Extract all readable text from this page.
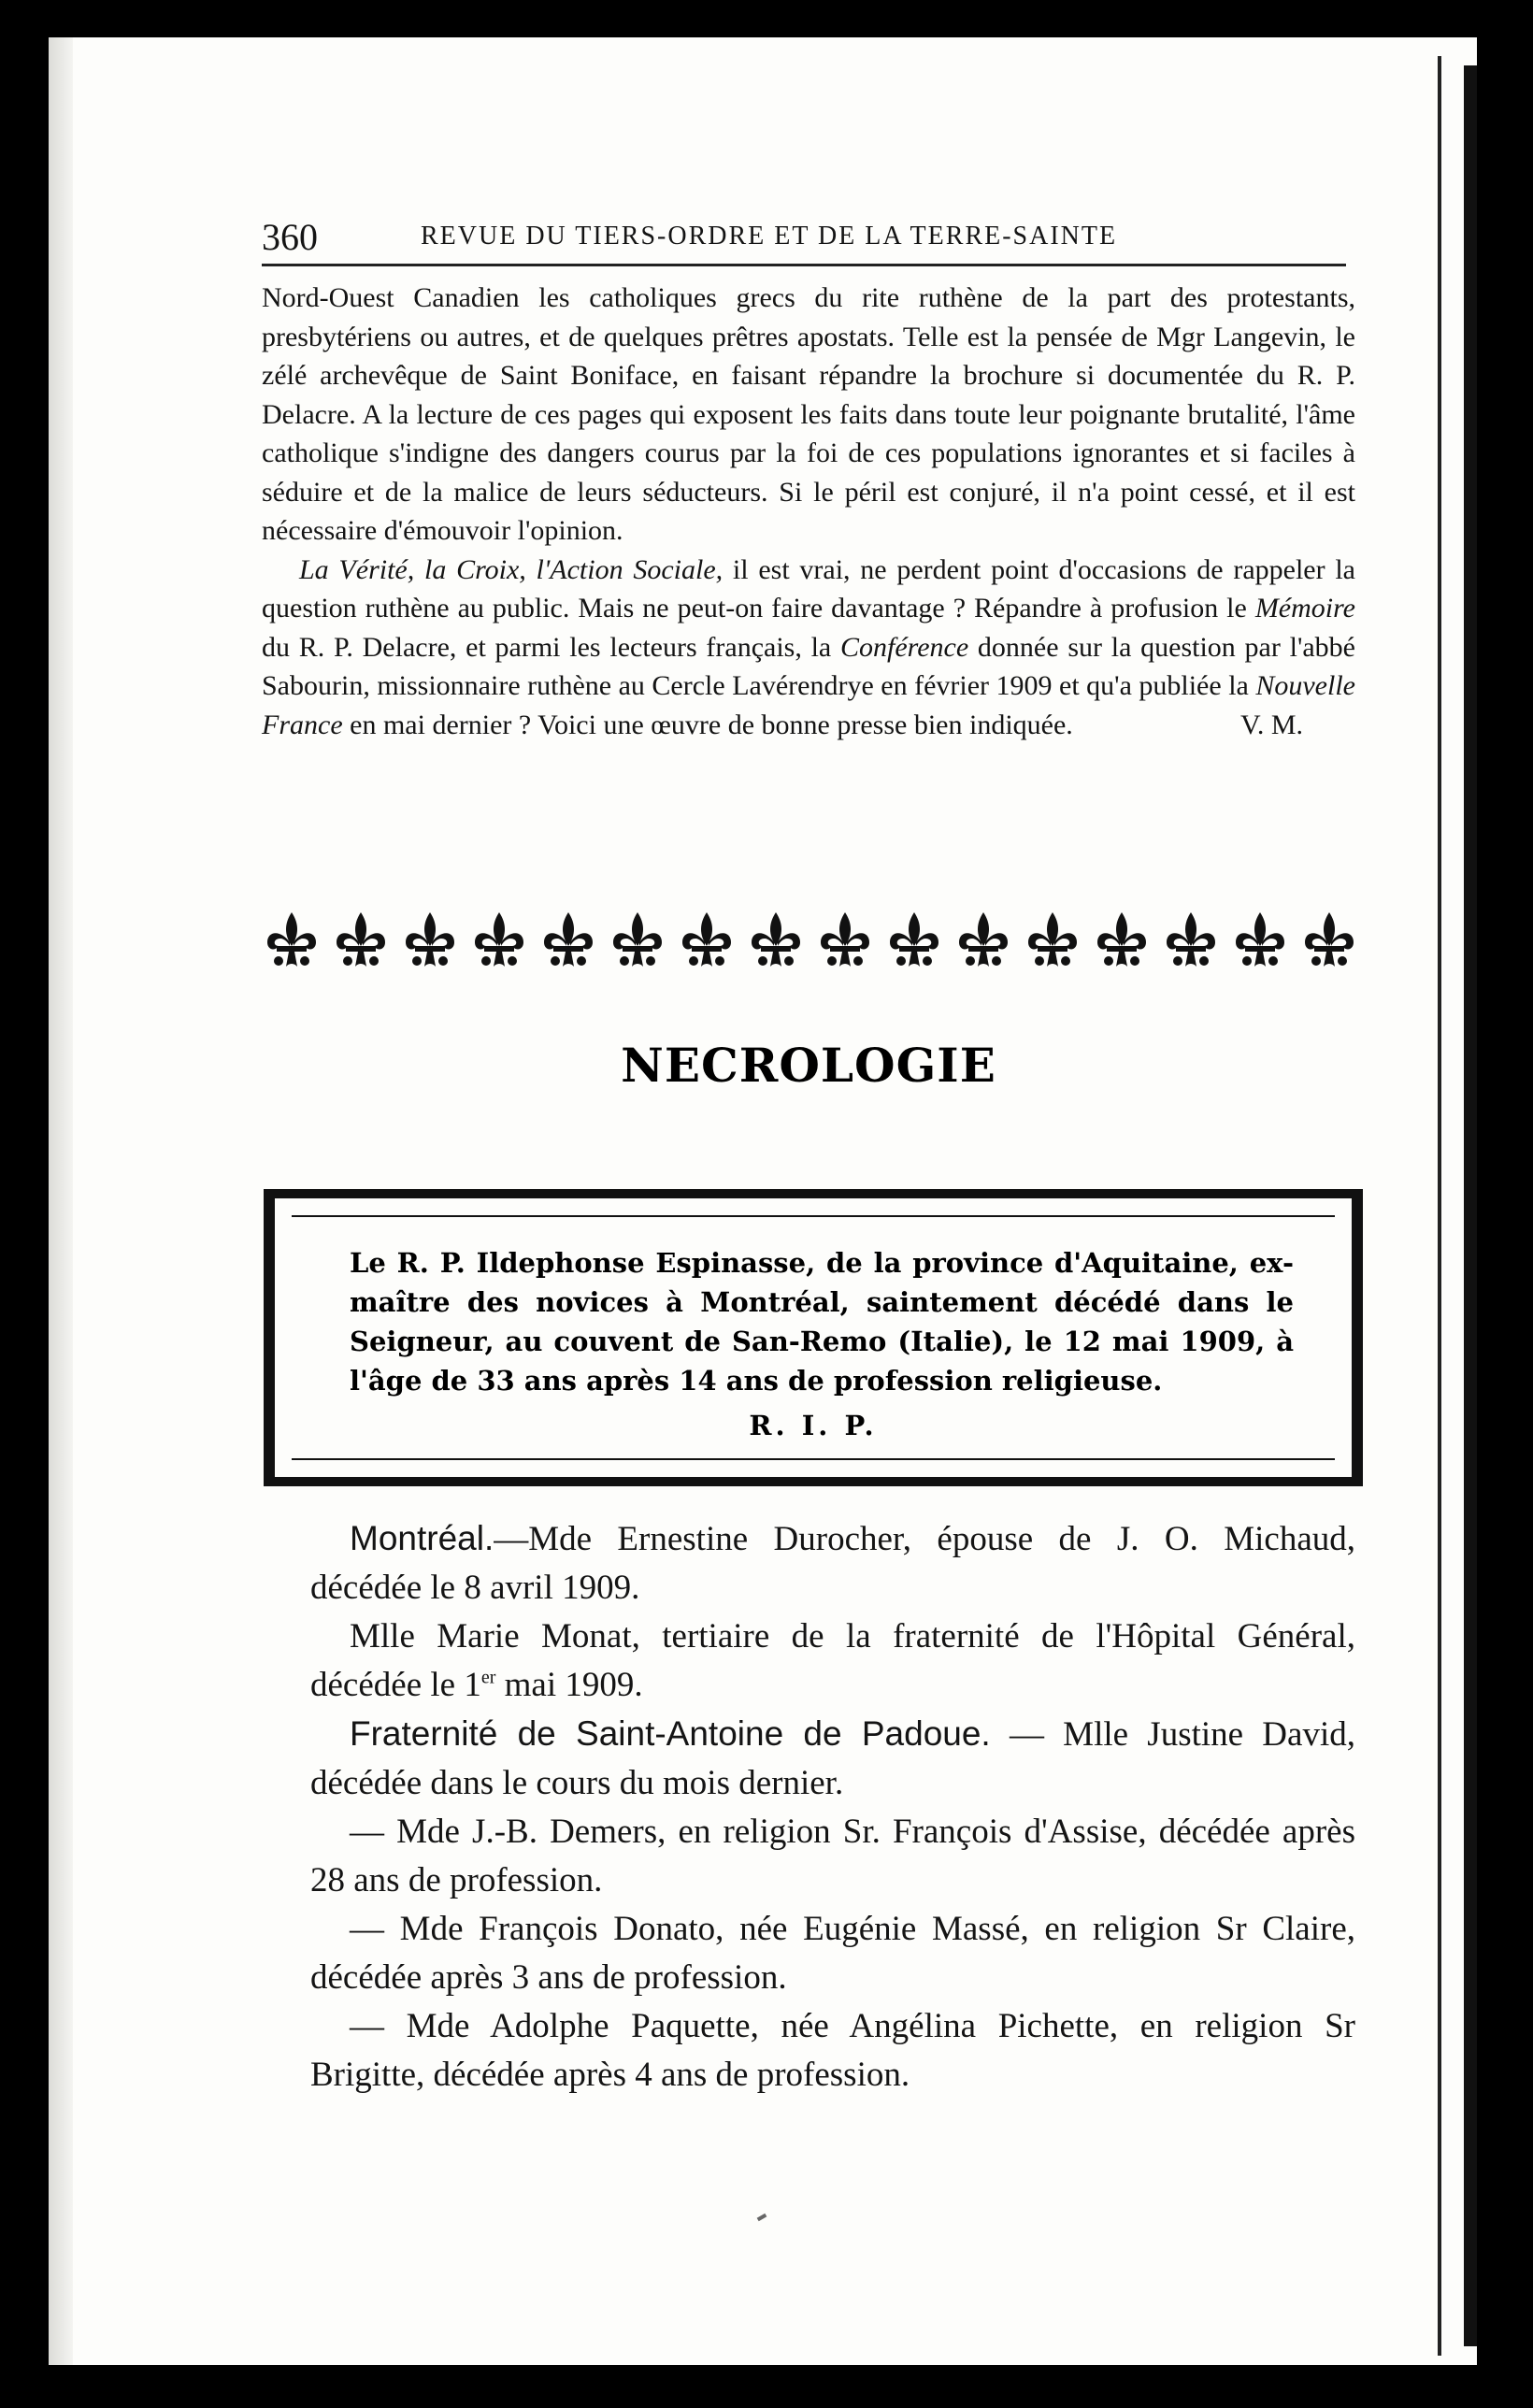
360	REVUE DU TIERS-ORDRE ET DE LA TERRE-SAINTE

Nord-Ouest Canadien les catholiques grecs du rite ruthène de la part des protestants, presbytériens ou autres, et de quelques prêtres apostats. Telle est la pensée de Mgr Langevin, le zélé archevêque de Saint Boniface, en faisant répandre la brochure si documentée du R. P. Delacre. A la lecture de ces pages qui exposent les faits dans toute leur poignante brutalité, l'âme catholique s'indigne des dangers courus par la foi de ces populations ignorantes et si faciles à séduire et de la malice de leurs séducteurs. Si le péril est conjuré, il n'a point cessé, et il est nécessaire d'émouvoir l'opinion.

La Vérité, la Croix, l'Action Sociale, il est vrai, ne perdent point d'occasions de rappeler la question ruthène au public. Mais ne peut-on faire davantage ? Répandre à profusion le Mémoire du R. P. Delacre, et parmi les lecteurs français, la Conférence donnée sur la question par l'abbé Sabourin, missionnaire ruthène au Cercle Lavérendrye en février 1909 et qu'a publiée la Nouvelle France en mai dernier ? Voici une œuvre de bonne presse bien indiquée.	V. M.

NECROLOGIE
Le R. P. Ildephonse Espinasse, de la province d'Aquitaine, ex-maître des novices à Montréal, saintement décédé dans le Seigneur, au couvent de San-Remo (Italie), le 12 mai 1909, à l'âge de 33 ans après 14 ans de profession religieuse.
R. I. P.

Montréal.—Mde Ernestine Durocher, épouse de J. O. Michaud, décédée le 8 avril 1909.

Mlle Marie Monat, tertiaire de la fraternité de l'Hôpital Général, décédée le 1er mai 1909.

Fraternité de Saint-Antoine de Padoue. — Mlle Justine David, décédée dans le cours du mois dernier.

— Mde J.-B. Demers, en religion Sr. François d'Assise, décédée après 28 ans de profession.

— Mde François Donato, née Eugénie Massé, en religion Sr Claire, décédée après 3 ans de profession.

— Mde Adolphe Paquette, née Angélina Pichette, en religion Sr Brigitte, décédée après 4 ans de profession.
